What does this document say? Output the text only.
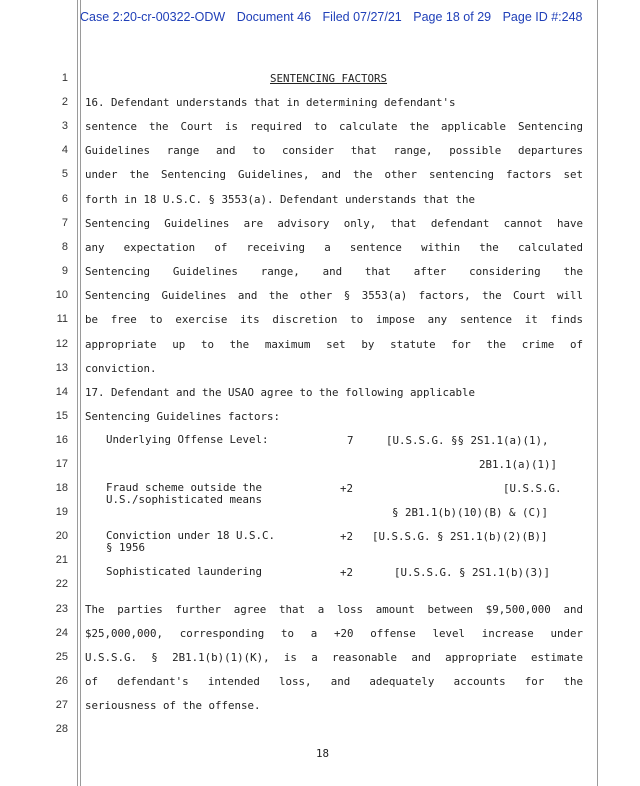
Case 2:20-cr-00322-ODW Document 46 Filed 07/27/21 Page 18 of 29 Page ID #:248
1
2
3
4
5
6
7
8
9
10
11
12
13
14
15
16
17
18
19
20
21
22
23
24
25
26
27
28
SENTENCING FACTORS
16. Defendant understands that in determining defendant's
sentence the Court is required to calculate the applicable Sentencing
Guidelines range and to consider that range, possible departures
under the Sentencing Guidelines, and the other sentencing factors set
forth in 18 U.S.C. § 3553(a). Defendant understands that the
Sentencing Guidelines are advisory only, that defendant cannot have
any expectation of receiving a sentence within the calculated
Sentencing Guidelines range, and that after considering the
Sentencing Guidelines and the other § 3553(a) factors, the Court will
be free to exercise its discretion to impose any sentence it finds
appropriate up to the maximum set by statute for the crime of
conviction.
17. Defendant and the USAO agree to the following applicable
Sentencing Guidelines factors:
Underlying Offense Level:	7	[U.S.S.G. §§ 2S1.1(a)(1),
2B1.1(a)(1)]
Fraud scheme outside the
U.S./sophisticated means
+2	[U.S.S.G.
§ 2B1.1(b)(10)(B) & (C)]
Conviction under 18 U.S.C.
§ 1956
+2 [U.S.S.G. § 2S1.1(b)(2)(B)]
Sophisticated laundering	+2	[U.S.S.G. § 2S1.1(b)(3)]
The parties further agree that a loss amount between $9,500,000 and
$25,000,000, corresponding to a +20 offense level increase under
U.S.S.G. § 2B1.1(b)(1)(K), is a reasonable and appropriate estimate
of defendant's intended loss, and adequately accounts for the
seriousness of the offense.
18
